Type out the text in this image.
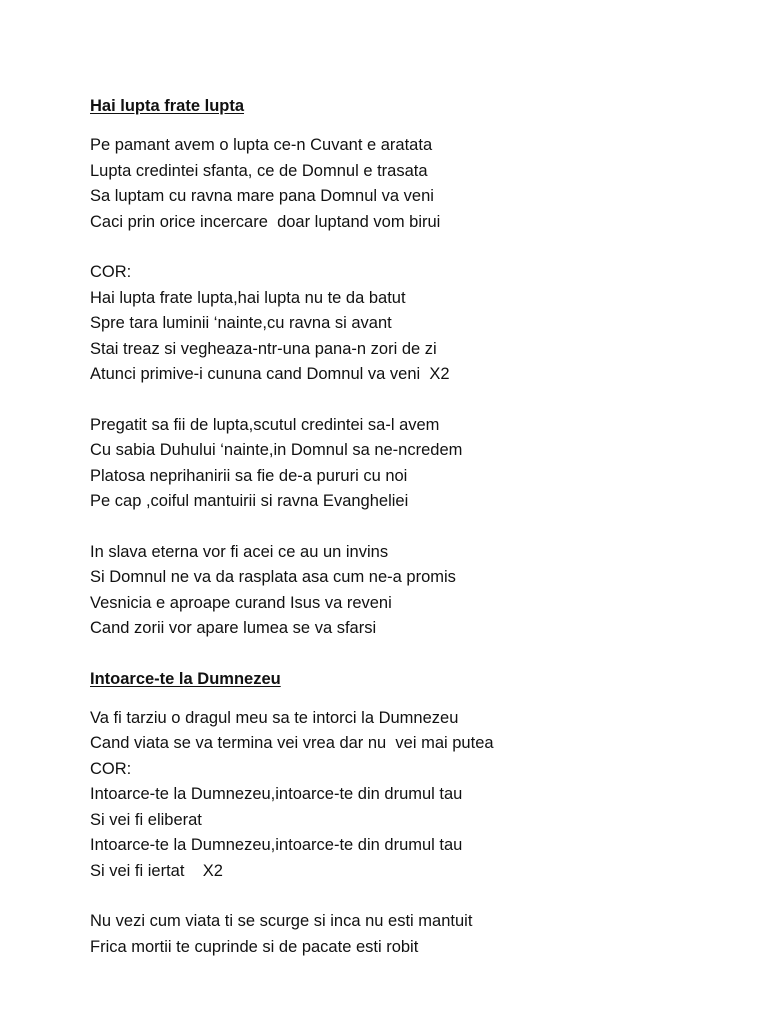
Hai lupta frate lupta
Pe pamant avem o lupta ce-n Cuvant e aratata
Lupta credintei sfanta, ce de Domnul e trasata
Sa luptam cu ravna mare pana Domnul va veni
Caci prin orice incercare  doar luptand vom birui
COR:
Hai lupta frate lupta,hai lupta nu te da batut
Spre tara luminii ‘nainte,cu ravna si avant
Stai treaz si vegheaza-ntr-una pana-n zori de zi
Atunci primive-i cununa cand Domnul va veni  X2
Pregatit sa fii de lupta,scutul credintei sa-l avem
Cu sabia Duhului ‘nainte,in Domnul sa ne-ncredem
Platosa neprihanirii sa fie de-a pururi cu noi
Pe cap ,coiful mantuirii si ravna Evangheliei
In slava eterna vor fi acei ce au un invins
Si Domnul ne va da rasplata asa cum ne-a promis
Vesnicia e aproape curand Isus va reveni
Cand zorii vor apare lumea se va sfarsi
Intoarce-te la Dumnezeu
Va fi tarziu o dragul meu sa te intorci la Dumnezeu
Cand viata se va termina vei vrea dar nu  vei mai putea
COR:
Intoarce-te la Dumnezeu,intoarce-te din drumul tau
Si vei fi eliberat
Intoarce-te la Dumnezeu,intoarce-te din drumul tau
Si vei fi iertat    X2
Nu vezi cum viata ti se scurge si inca nu esti mantuit
Frica mortii te cuprinde si de pacate esti robit
